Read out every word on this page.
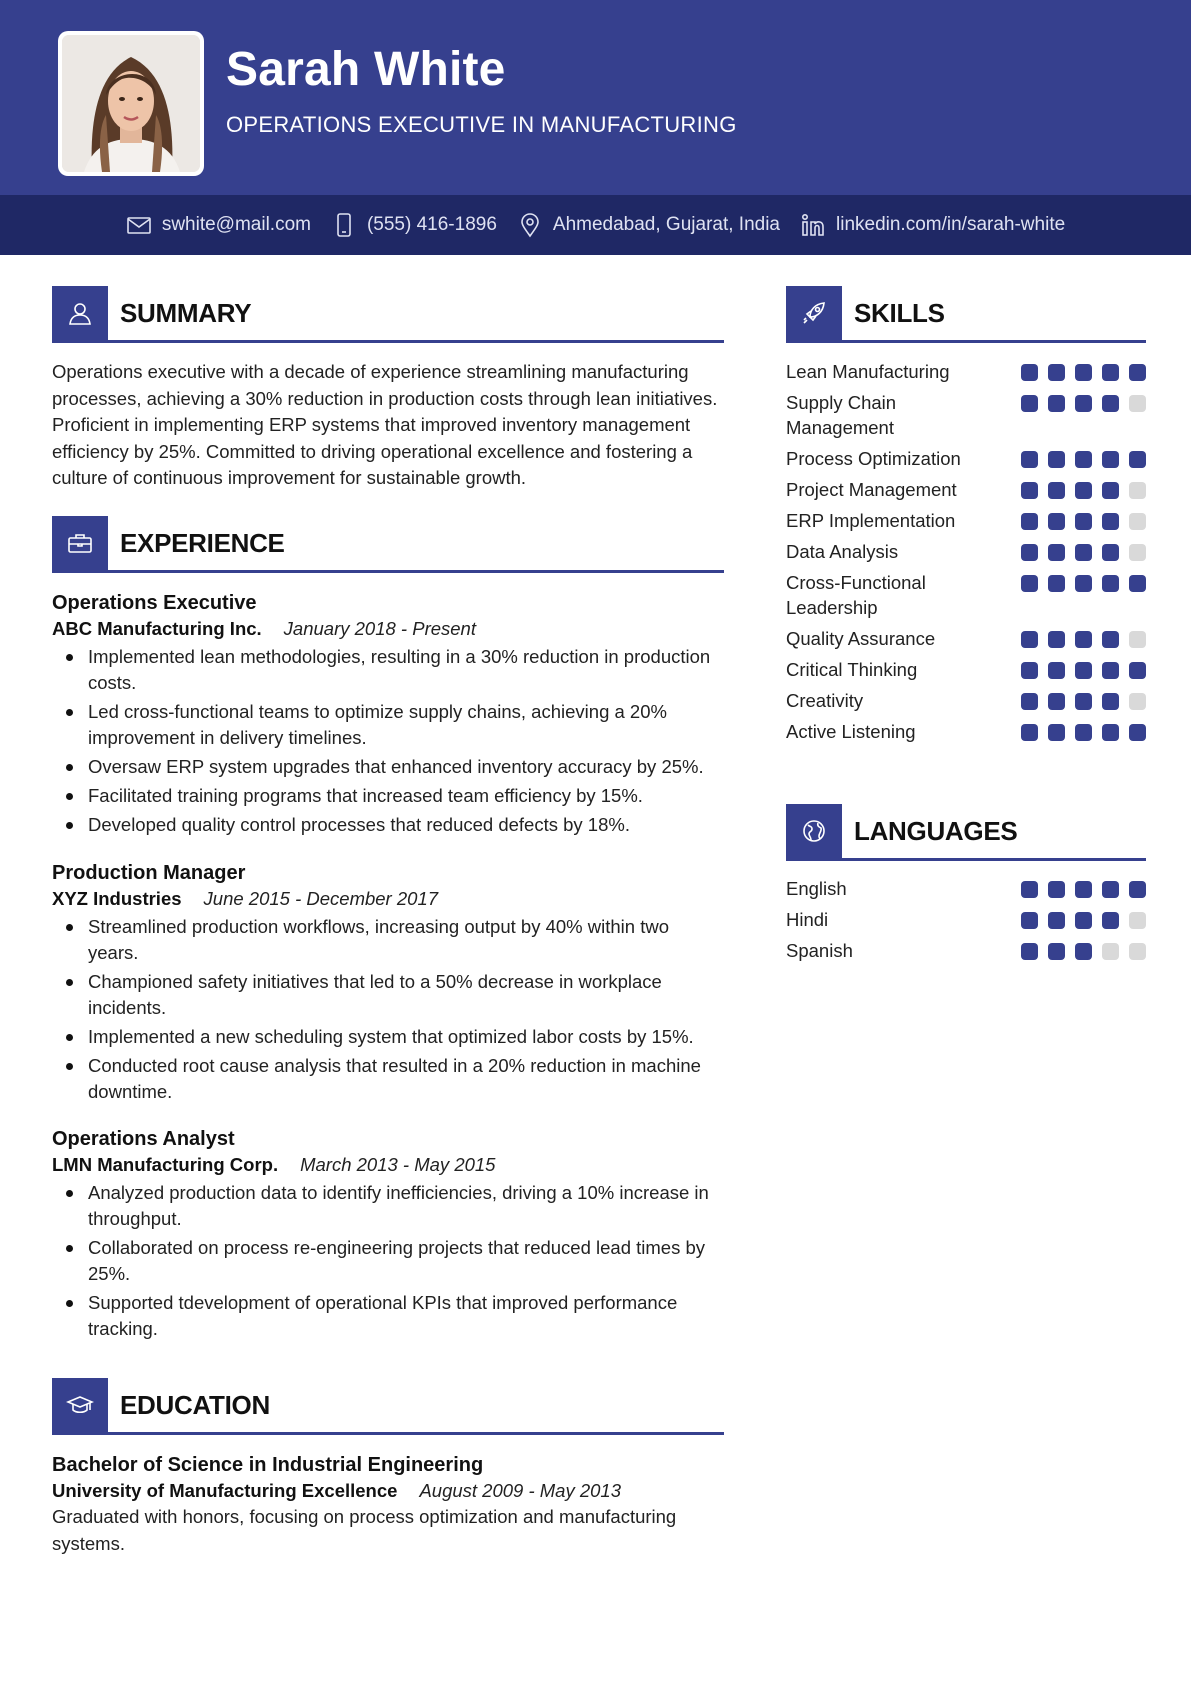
Sarah White
OPERATIONS EXECUTIVE IN MANUFACTURING
swhite@mail.com	(555) 416-1896	Ahmedabad, Gujarat, India	linkedin.com/in/sarah-white
SUMMARY
Operations executive with a decade of experience streamlining manufacturing processes, achieving a 30% reduction in production costs through lean initiatives. Proficient in implementing ERP systems that improved inventory management efficiency by 25%. Committed to driving operational excellence and fostering a culture of continuous improvement for sustainable growth.
EXPERIENCE
Operations Executive
ABC Manufacturing Inc. January 2018 - Present
Implemented lean methodologies, resulting in a 30% reduction in production costs.
Led cross-functional teams to optimize supply chains, achieving a 20% improvement in delivery timelines.
Oversaw ERP system upgrades that enhanced inventory accuracy by 25%.
Facilitated training programs that increased team efficiency by 15%.
Developed quality control processes that reduced defects by 18%.
Production Manager
XYZ Industries June 2015 - December 2017
Streamlined production workflows, increasing output by 40% within two years.
Championed safety initiatives that led to a 50% decrease in workplace incidents.
Implemented a new scheduling system that optimized labor costs by 15%.
Conducted root cause analysis that resulted in a 20% reduction in machine downtime.
Operations Analyst
LMN Manufacturing Corp. March 2013 - May 2015
Analyzed production data to identify inefficiencies, driving a 10% increase in throughput.
Collaborated on process re-engineering projects that reduced lead times by 25%.
Supported tdevelopment of operational KPIs that improved performance tracking.
EDUCATION
Bachelor of Science in Industrial Engineering
University of Manufacturing Excellence August 2009 - May 2013
Graduated with honors, focusing on process optimization and manufacturing systems.
SKILLS
Lean Manufacturing
Supply Chain Management
Process Optimization
Project Management
ERP Implementation
Data Analysis
Cross-Functional Leadership
Quality Assurance
Critical Thinking
Creativity
Active Listening
LANGUAGES
English
Hindi
Spanish
